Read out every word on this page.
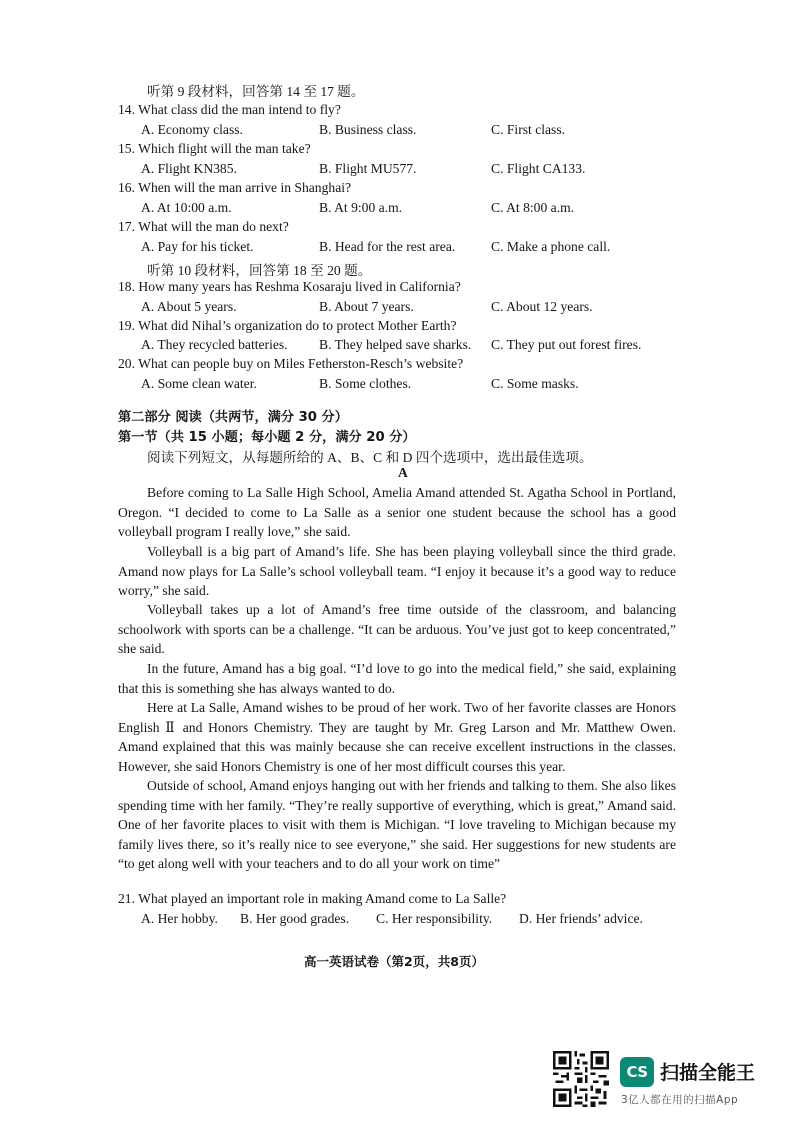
听第 9 段材料，回答第 14 至 17 题。
14. What class did the man intend to fly?
A. Economy class.	B. Business class.	C. First class.
15. Which flight will the man take?
A. Flight KN385.	B. Flight MU577.	C. Flight CA133.
16. When will the man arrive in Shanghai?
A. At 10:00 a.m.	B. At 9:00 a.m.	C. At 8:00 a.m.
17. What will the man do next?
A. Pay for his ticket.	B. Head for the rest area.	C. Make a phone call.
听第 10 段材料，回答第 18 至 20 题。
18. How many years has Reshma Kosaraju lived in California?
A. About 5 years.	B. About 7 years.	C. About 12 years.
19. What did Nihal’s organization do to protect Mother Earth?
A. They recycled batteries. B. They helped save sharks. C. They put out forest fires.
20. What can people buy on Miles Fetherston-Resch’s website?
A. Some clean water.	B. Some clothes.	C. Some masks.
第二部分 阅读（共两节，满分 30 分）
第一节（共 15 小题；每小题 2 分，满分 20 分）
阅读下列短文，从每题所给的 A、B、C 和 D 四个选项中，选出最佳选项。
A
Before coming to La Salle High School, Amelia Amand attended St. Agatha School in Portland, Oregon. “I decided to come to La Salle as a senior one student because the school has a good volleyball program I really love,” she said.
Volleyball is a big part of Amand’s life. She has been playing volleyball since the third grade. Amand now plays for La Salle’s school volleyball team. “I enjoy it because it’s a good way to reduce worry,” she said.
Volleyball takes up a lot of Amand’s free time outside of the classroom, and balancing schoolwork with sports can be a challenge. “It can be arduous. You’ve just got to keep concentrated,” she said.
In the future, Amand has a big goal. “I’d love to go into the medical field,” she said, explaining that this is something she has always wanted to do.
Here at La Salle, Amand wishes to be proud of her work. Two of her favorite classes are Honors English Ⅱ and Honors Chemistry. They are taught by Mr. Greg Larson and Mr. Matthew Owen. Amand explained that this was mainly because she can receive excellent instructions in the classes. However, she said Honors Chemistry is one of her most difficult courses this year.
Outside of school, Amand enjoys hanging out with her friends and talking to them. She also likes spending time with her family. “They’re really supportive of everything, which is great,” Amand said. One of her favorite places to visit with them is Michigan. “I love traveling to Michigan because my family lives there, so it’s really nice to see everyone,” she said. Her suggestions for new students are “to get along well with your teachers and to do all your work on time”
21. What played an important role in making Amand come to La Salle?
A. Her hobby. B. Her good grades. C. Her responsibility. D. Her friends’ advice.
高一英语试卷（第2页，共8页）
CS 扫描全能王
3亿人都在用的扫描App
